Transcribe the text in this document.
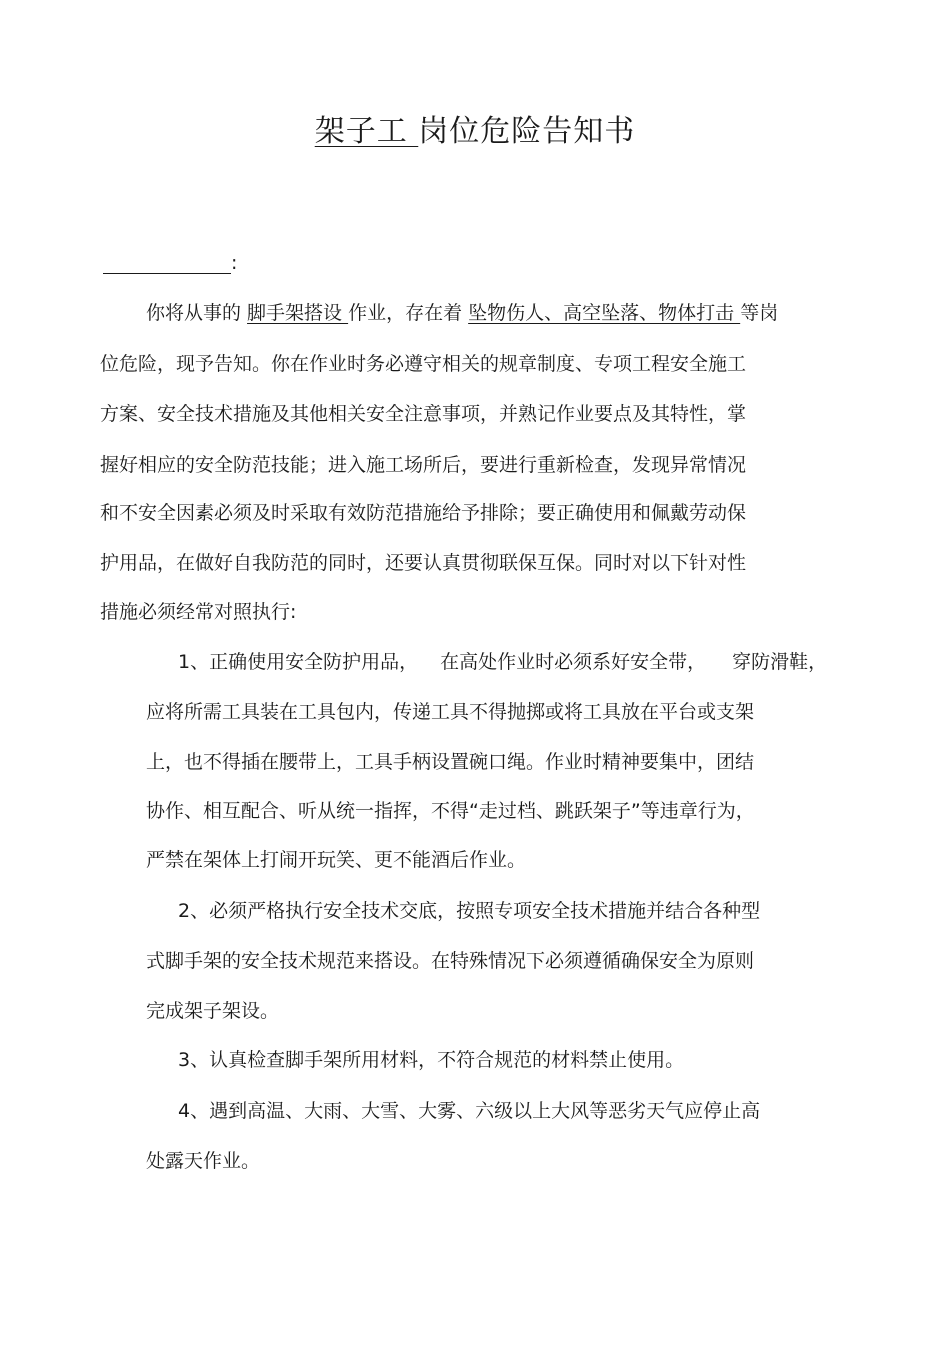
架子工 岗位危险告知书
:
你将从事的 脚手架搭设 作业，存在着 坠物伤人、高空坠落、物体打击 等岗
位危险，现予告知。你在作业时务必遵守相关的规章制度、专项工程安全施工
方案、安全技术措施及其他相关安全注意事项，并熟记作业要点及其特性，掌
握好相应的安全防范技能；进入施工场所后，要进行重新检查，发现异常情况
和不安全因素必须及时采取有效防范措施给予排除；要正确使用和佩戴劳动保
护用品，在做好自我防范的同时，还要认真贯彻联保互保。同时对以下针对性
措施必须经常对照执行:
1、正确使用安全防护用品， 在高处作业时必须系好安全带， 穿防滑鞋，
应将所需工具装在工具包内，传递工具不得抛掷或将工具放在平台或支架
上，也不得插在腰带上，工具手柄设置碗口绳。作业时精神要集中，团结
协作、相互配合、听从统一指挥，不得“走过档、跳跃架子”等违章行为，
严禁在架体上打闹开玩笑、更不能酒后作业。
2、必须严格执行安全技术交底，按照专项安全技术措施并结合各种型
式脚手架的安全技术规范来搭设。在特殊情况下必须遵循确保安全为原则
完成架子架设。
3、认真检查脚手架所用材料，不符合规范的材料禁止使用。
4、遇到高温、大雨、大雪、大雾、六级以上大风等恶劣天气应停止高
处露天作业。
